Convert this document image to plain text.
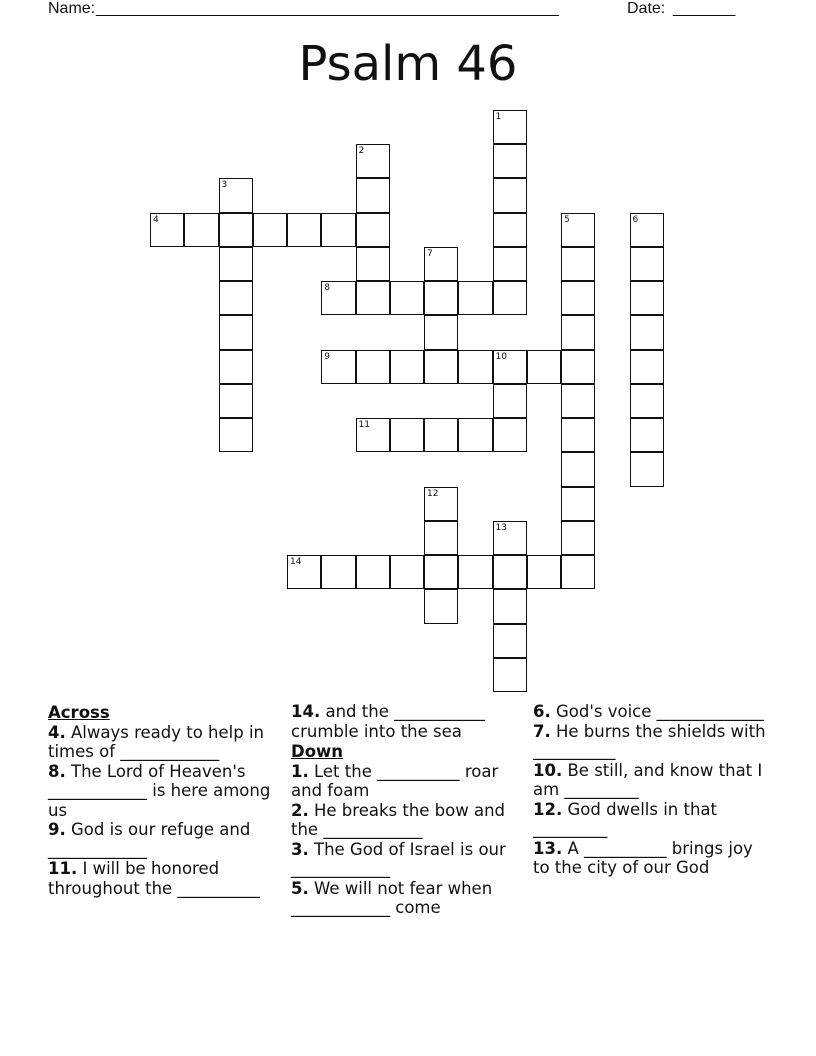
Name: ____________________________________________________	Date: _______
Psalm 46
1
2
3
4	5	6
7
8
9	10
11
12
13
14
Across
4. Always ready to help in times of ____________
8. The Lord of Heaven's ____________ is here among us
9. God is our refuge and ____________
11. I will be honored throughout the __________
14. and the ___________ crumble into the sea
Down
1. Let the __________ roar and foam
2. He breaks the bow and the ____________
3. The God of Israel is our ____________
5. We will not fear when ____________ come
6. God's voice _____________
7. He burns the shields with __________
10. Be still, and know that I am _________
12. God dwells in that _________
13. A __________ brings joy to the city of our God
